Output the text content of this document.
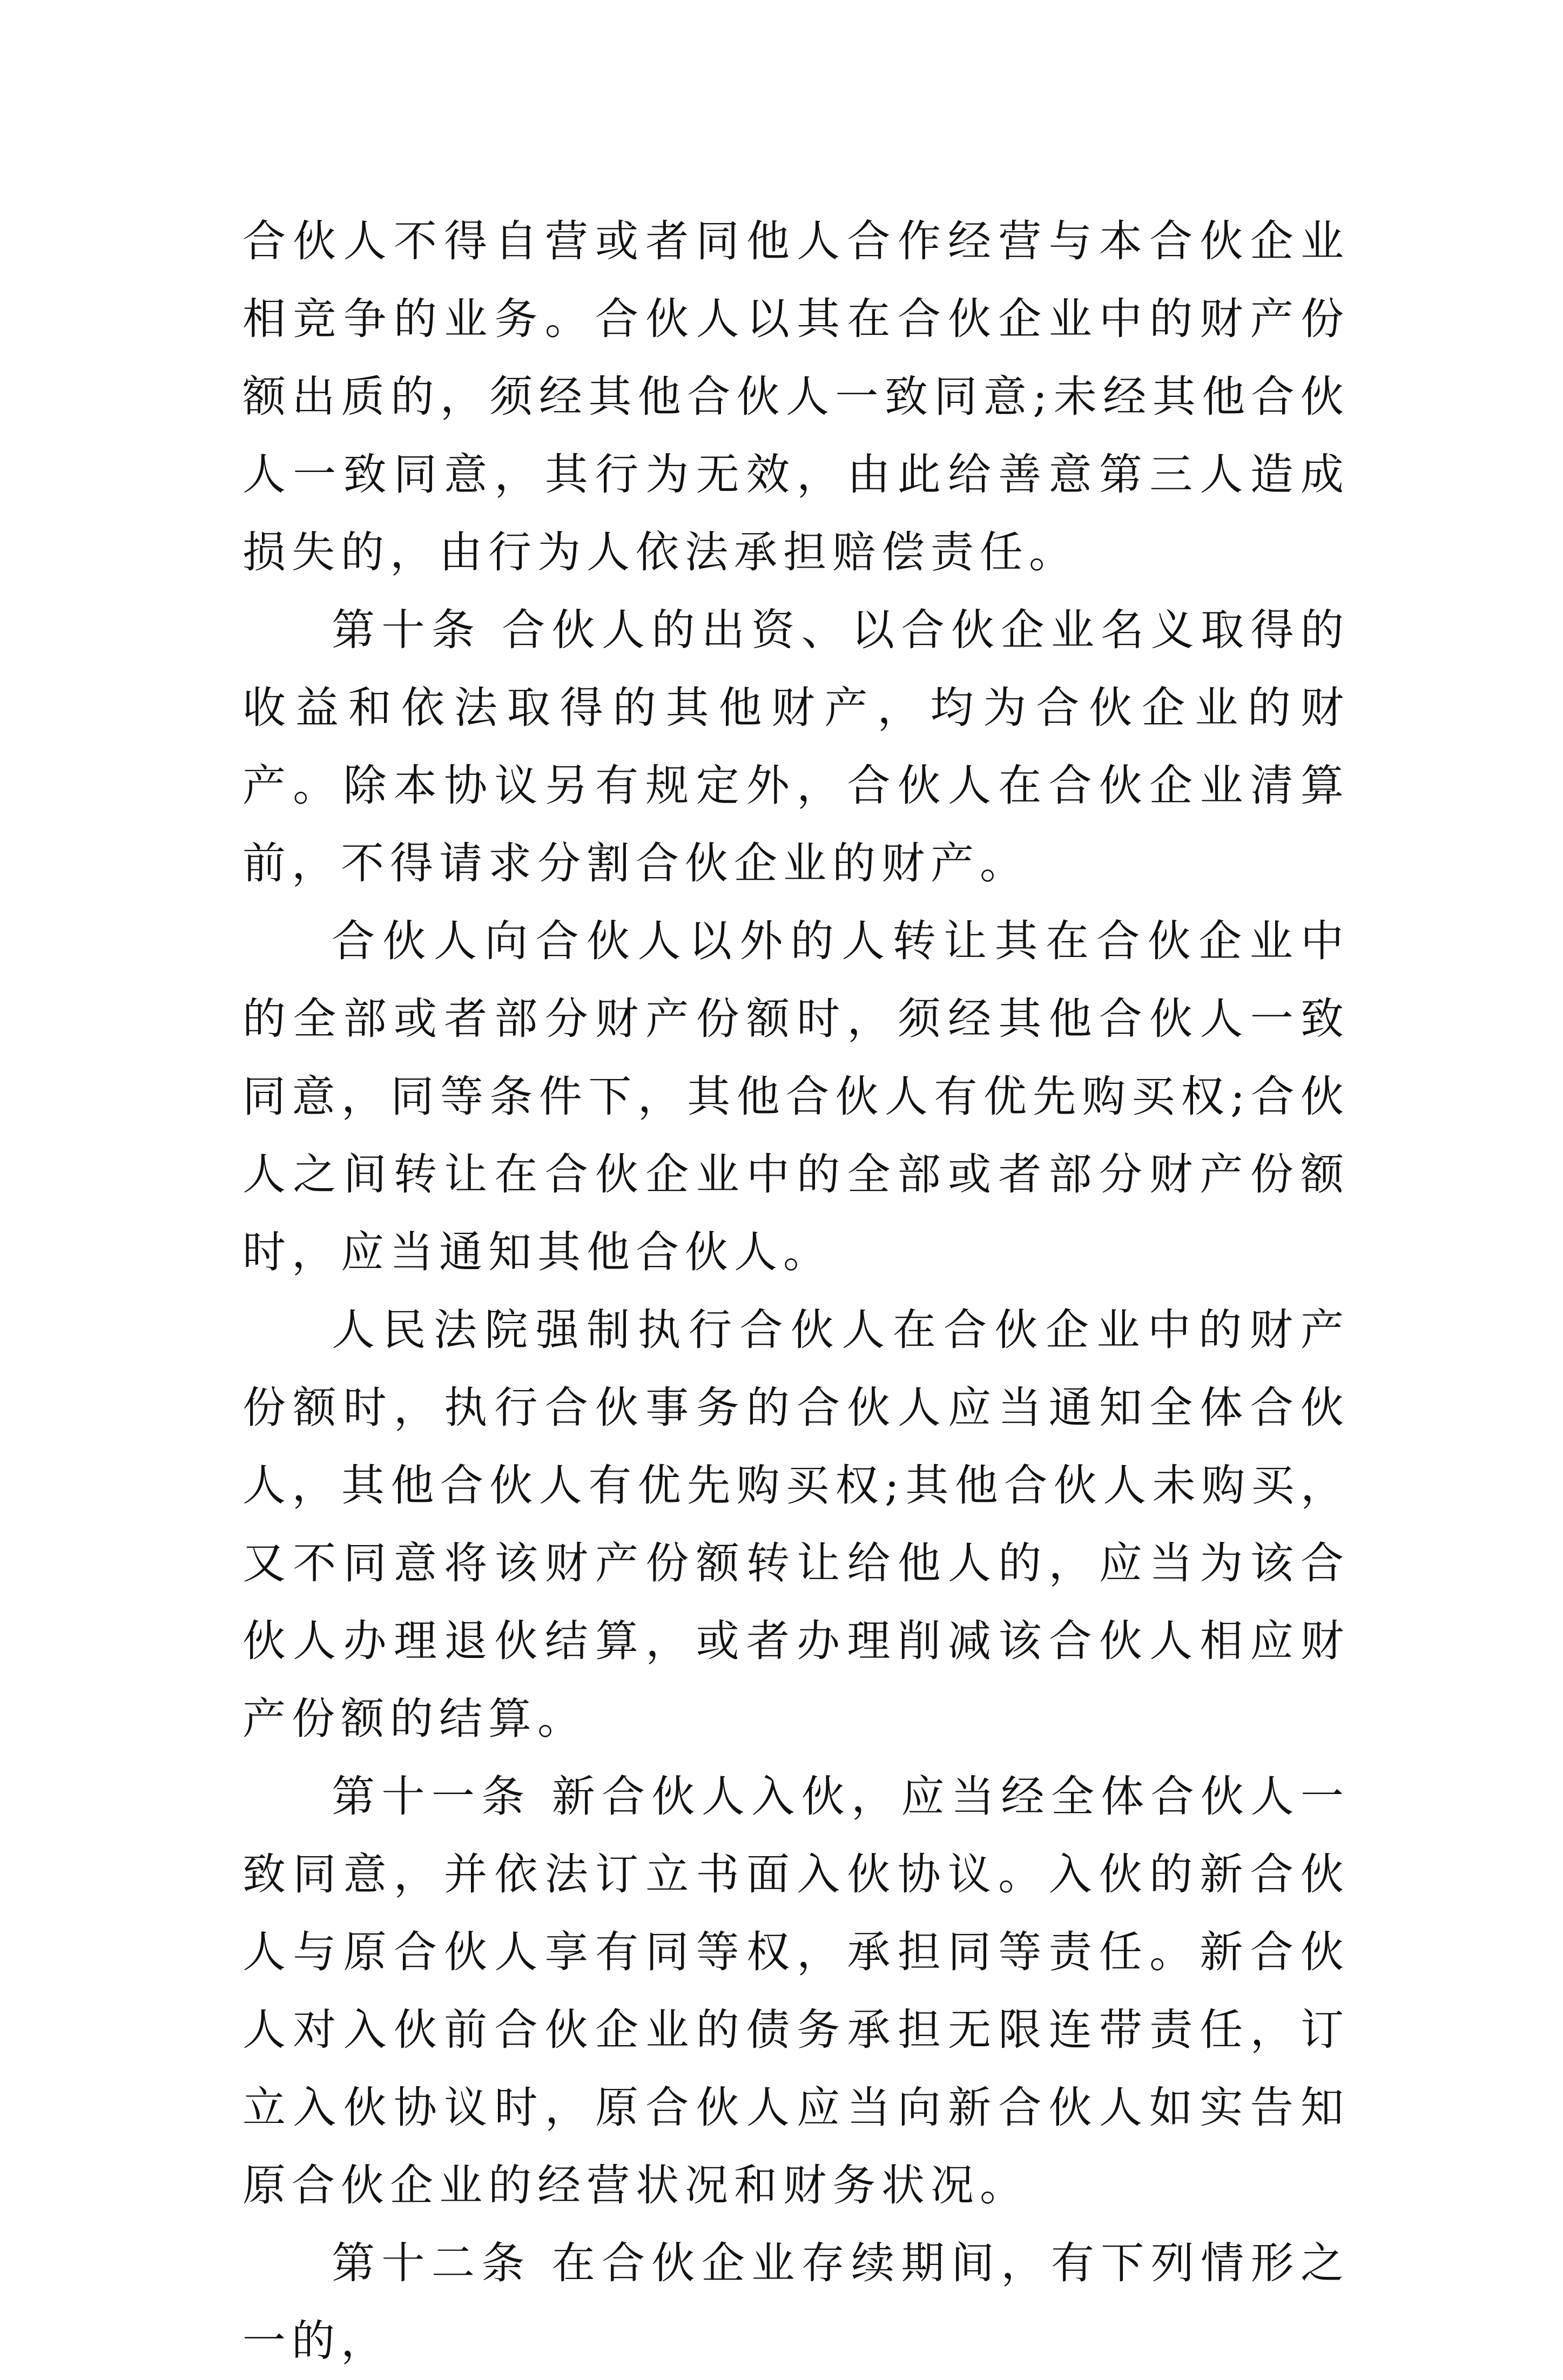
合伙人不得自营或者同他人合作经营与本合伙企业相竞争的业务。合伙人以其在合伙企业中的财产份额出质的，须经其他合伙人一致同意;未经其他合伙人一致同意，其行为无效，由此给善意第三人造成损失的，由行为人依法承担赔偿责任。

第十条 合伙人的出资、以合伙企业名义取得的收益和依法取得的其他财产，均为合伙企业的财产。除本协议另有规定外，合伙人在合伙企业清算前，不得请求分割合伙企业的财产。

合伙人向合伙人以外的人转让其在合伙企业中的全部或者部分财产份额时，须经其他合伙人一致同意，同等条件下，其他合伙人有优先购买权;合伙人之间转让在合伙企业中的全部或者部分财产份额时，应当通知其他合伙人。

人民法院强制执行合伙人在合伙企业中的财产份额时，执行合伙事务的合伙人应当通知全体合伙人，其他合伙人有优先购买权;其他合伙人未购买，又不同意将该财产份额转让给他人的，应当为该合伙人办理退伙结算，或者办理削减该合伙人相应财产份额的结算。

第十一条 新合伙人入伙，应当经全体合伙人一致同意，并依法订立书面入伙协议。入伙的新合伙人与原合伙人享有同等权，承担同等责任。新合伙人对入伙前合伙企业的债务承担无限连带责任，订立入伙协议时，原合伙人应当向新合伙人如实告知原合伙企业的经营状况和财务状况。

第十二条 在合伙企业存续期间，有下列情形之一的，
